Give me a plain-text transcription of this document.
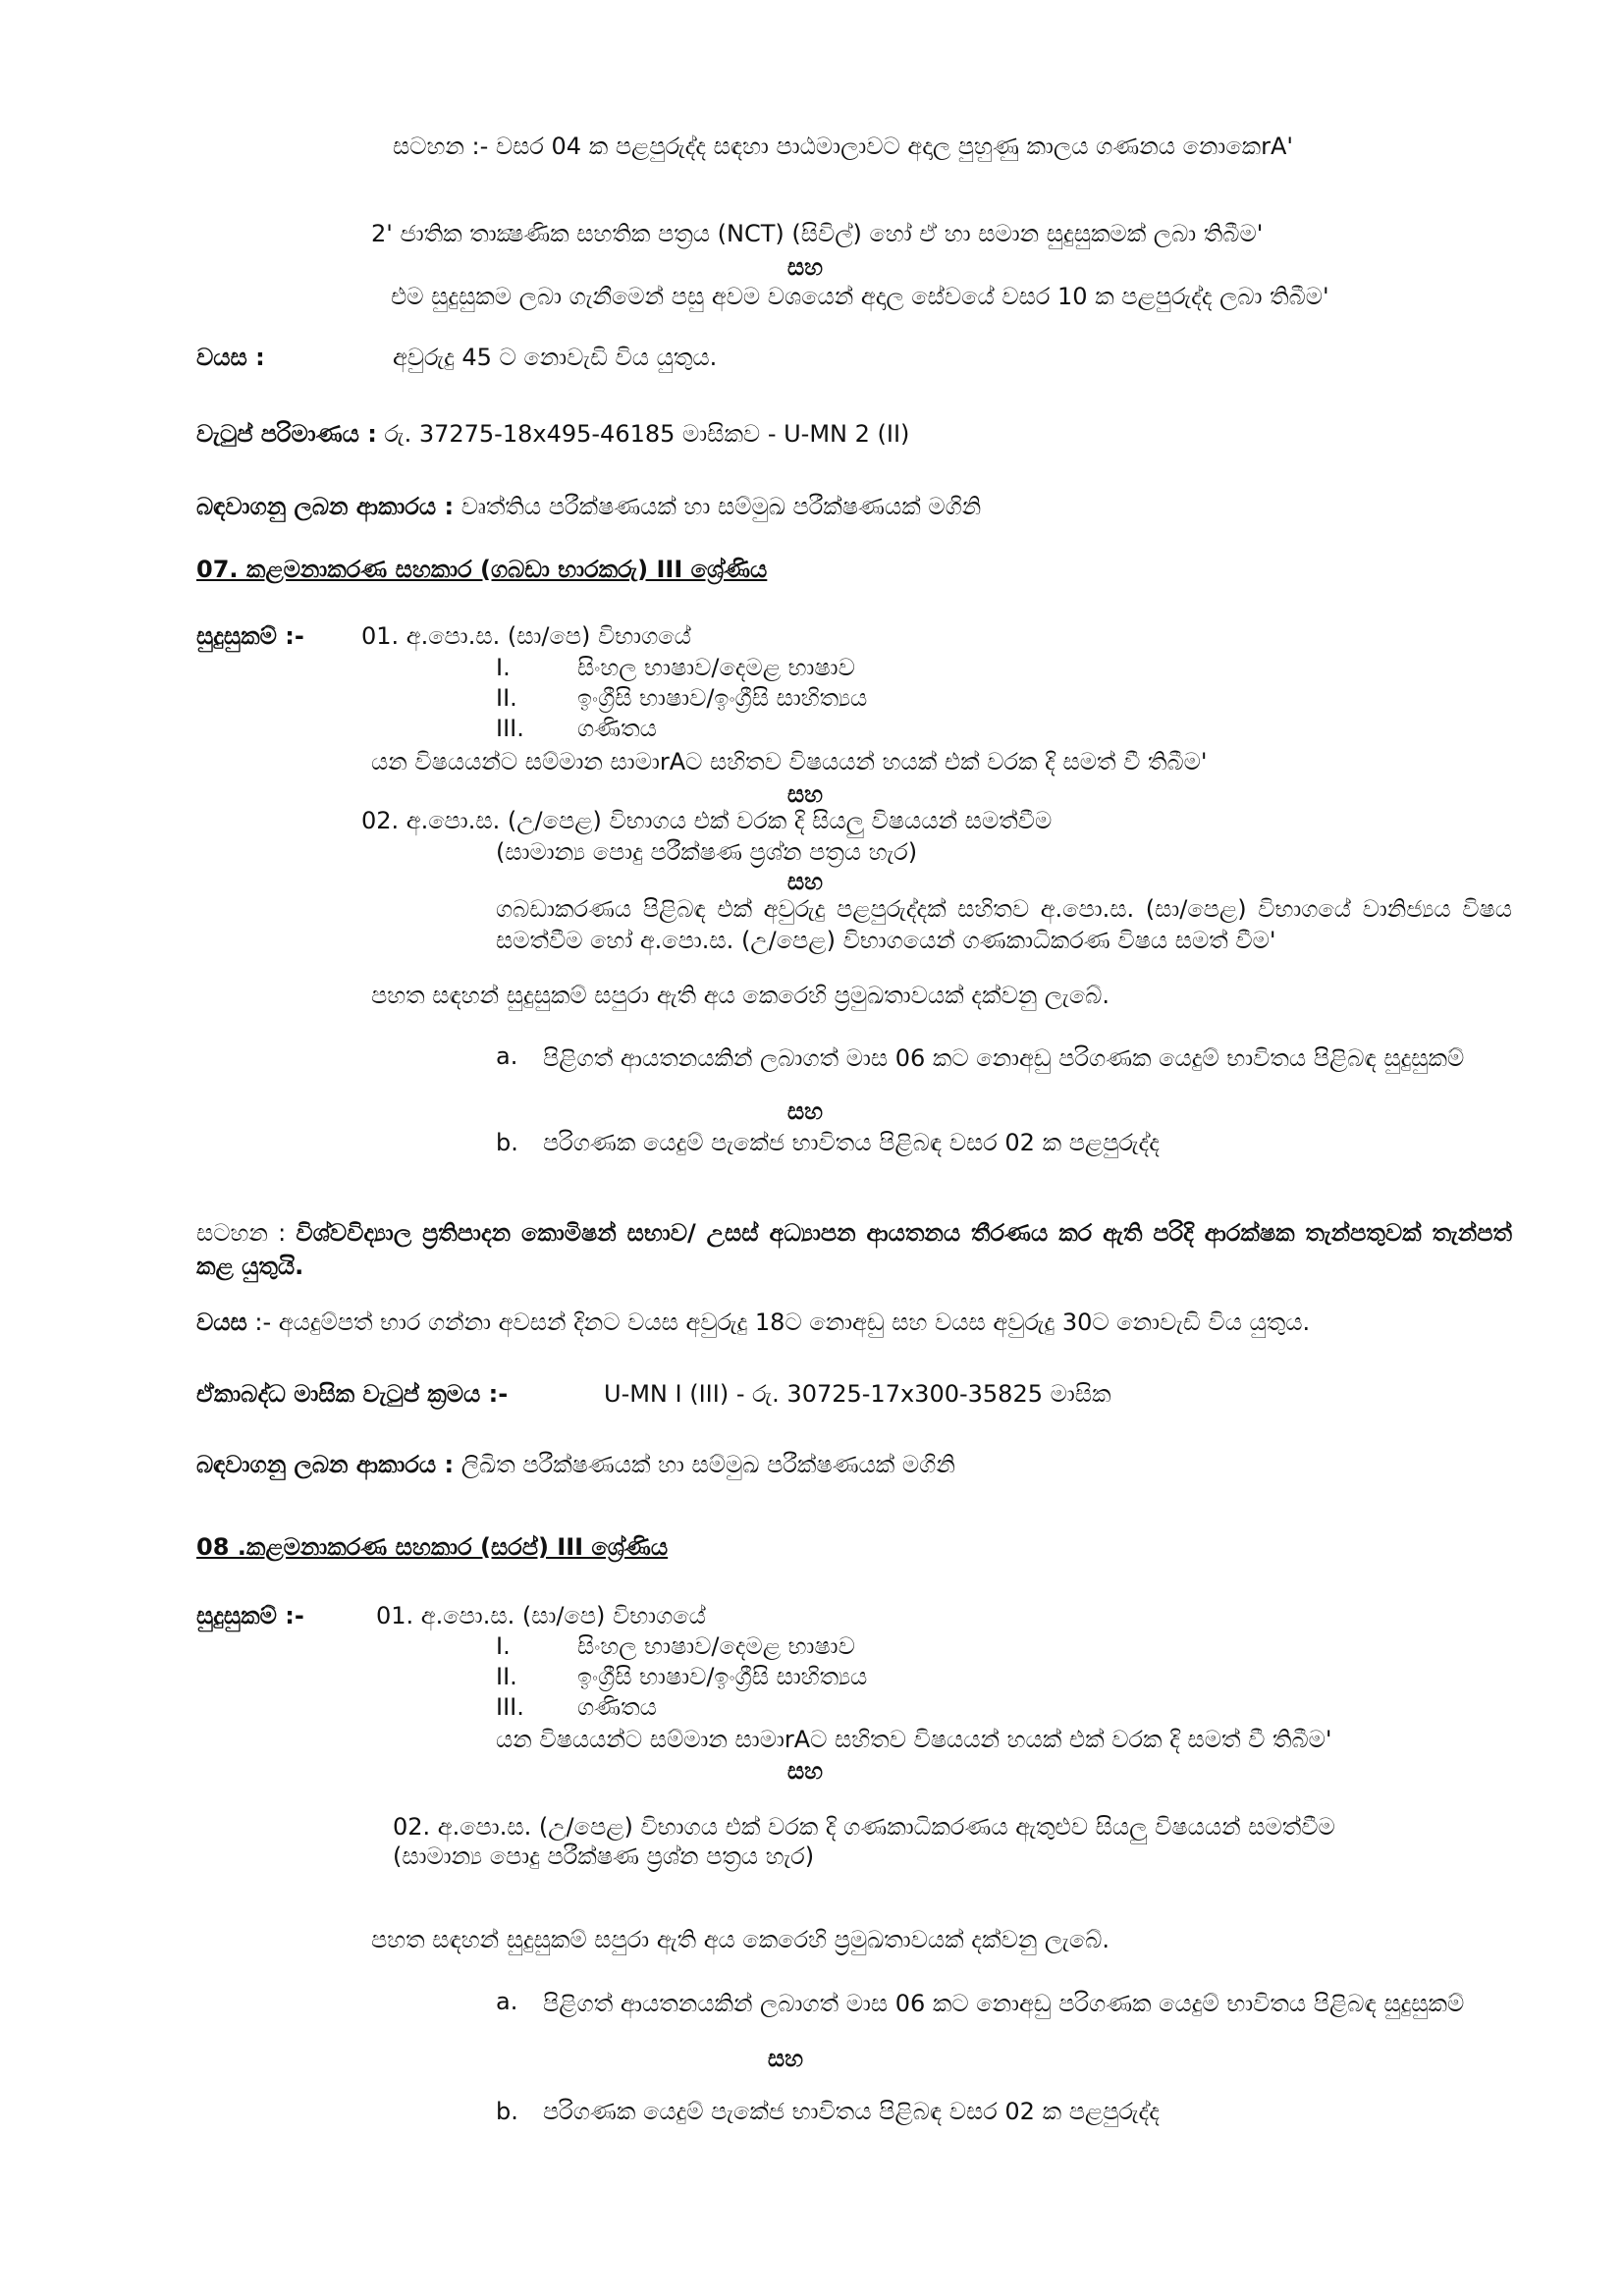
සටහන :- වසර 04 ක පළපුරුද්ද සඳහා පාඨමාලාවට අදාල පුහුණු කාලය ගණනය නොකෙrA'
2' ජාතික තාක්‍ෂණික සහතික පත්‍රය (NCT) (සිවිල්) හෝ ඒ හා සමාන සුදුසුකමක් ලබා තිබීම'
සහ
එම සුදුසුකම ලබා ගැනීමෙන් පසු අවම වශයෙන් අදාල සේවයේ වසර 10 ක පළපුරුද්ද ලබා තිබීම'
වයස :	අවුරුදු 45 ට නොවැඩි විය යුතුය.
වැටුප් පරිමාණය : රු. 37275-18x495-46185 මාසිකව - U-MN 2 (II)
බඳවාගනු ලබන ආකාරය : වෘත්තිය පරීක්ෂණයක් හා සම්මුඛ පරීක්ෂණයක් මගිනි
07. කළමනාකරණ සහකාර (ගබඩා භාරකරු) III ශ්‍රේණිය
සුදුසුකම් :- 01. අ.පො.ස. (සා/පෙ) විභාගයේ
I.	සිංහල භාෂාව/දෙමළ භාෂාව
II.	ඉංග්‍රීසි භාෂාව/ඉංග්‍රීසි සාහිත්‍යය
III. ගණිතය
යන විෂයයන්ට සම්මාන සාමාrAට සහිතව විෂයයන් හයක් එක් වරක දි සමත් වී තිබීම'
සහ
02. අ.පො.ස. (උ/පෙළ) විභාගය එක් වරක දි සියලු විෂයයන් සමත්වීම
(සාමාන්‍ය පොදු පරීක්ෂණ ප්‍රශ්න පත්‍රය හැර)
සහ
ගබඩාකරණය පිළිබඳ එක් අවුරුදු පළපුරුද්දක් සහිතව අ.පො.ස. (සා/පෙළ) විභාගයේ වානිජ්‍යය විෂය සමත්වීම හෝ අ.පො.ස. (උ/පෙළ) විභාගයෙන් ගණකාධිකරණ විෂය සමත් වීම'
පහත සඳහන් සුදුසුකම් සපුරා ඇති අය කෙරෙහි ප්‍රමුඛතාවයක් දක්වනු ලැබේ.
a. පිළිගත් ආයතනයකින් ලබාගත් මාස 06 කට නොඅඩු පරිගණක යෙදුම් භාවිතය පිළිබඳ සුදුසුකම්
සහ
b. පරිගණක යෙදුම් පැකේජ භාවිතය පිළිබඳ වසර 02 ක පළපුරුද්ද
සටහන : විශ්වවිද්‍යාල ප්‍රතිපාදන කොමිෂන් සභාව/ උසස් අධ්‍යාපන ආයතනය තීරණය කර ඇති පරිදි ආරක්ෂක තැන්පතුවක් තැන්පත් කළ යුතුයි.
වයස :- අයදුම්පත් භාර ගන්නා අවසන් දිනට වයස අවුරුදු 18ට නොඅඩු සහ වයස අවුරුදු 30ට නොවැඩි විය යුතුය.
ඒකාබද්ධ මාසික වැටුප් ක්‍රමය :-	U-MN I (III) - රු. 30725-17x300-35825 මාසික
බඳවාගනු ලබන ආකාරය : ලිඛිත පරීක්ෂණයක් හා සම්මුඛ පරීක්ෂණයක් මගිනි
08 .කළමනාකරණ සහකාර (සරප්) III ශ්‍රේණිය
සුදුසුකම් :-	01. අ.පො.ස. (සා/පෙ) විභාගයේ
I.	සිංහල භාෂාව/දෙමළ භාෂාව
II.	ඉංග්‍රීසි භාෂාව/ඉංග්‍රීසි සාහිත්‍යය
III. ගණිතය
යන විෂයයන්ට සම්මාන සාමාrAට සහිතව විෂයයන් හයක් එක් වරක දි සමත් වී තිබීම'
සහ
02. අ.පො.ස. (උ/පෙළ) විභාගය එක් වරක දි ගණකාධිකරණය ඇතුළුව සියලු විෂයයන් සමත්වීම
(සාමාන්‍ය පොදු පරීක්ෂණ ප්‍රශ්න පත්‍රය හැර)
පහත සඳහන් සුදුසුකම් සපුරා ඇති අය කෙරෙහි ප්‍රමුඛතාවයක් දක්වනු ලැබේ.
a. පිළිගත් ආයතනයකින් ලබාගත් මාස 06 කට නොඅඩු පරිගණක යෙදුම් භාවිතය පිළිබඳ සුදුසුකම්
සහ
b. පරිගණක යෙදුම් පැකේජ භාවිතය පිළිබඳ වසර 02 ක පළපුරුද්ද
